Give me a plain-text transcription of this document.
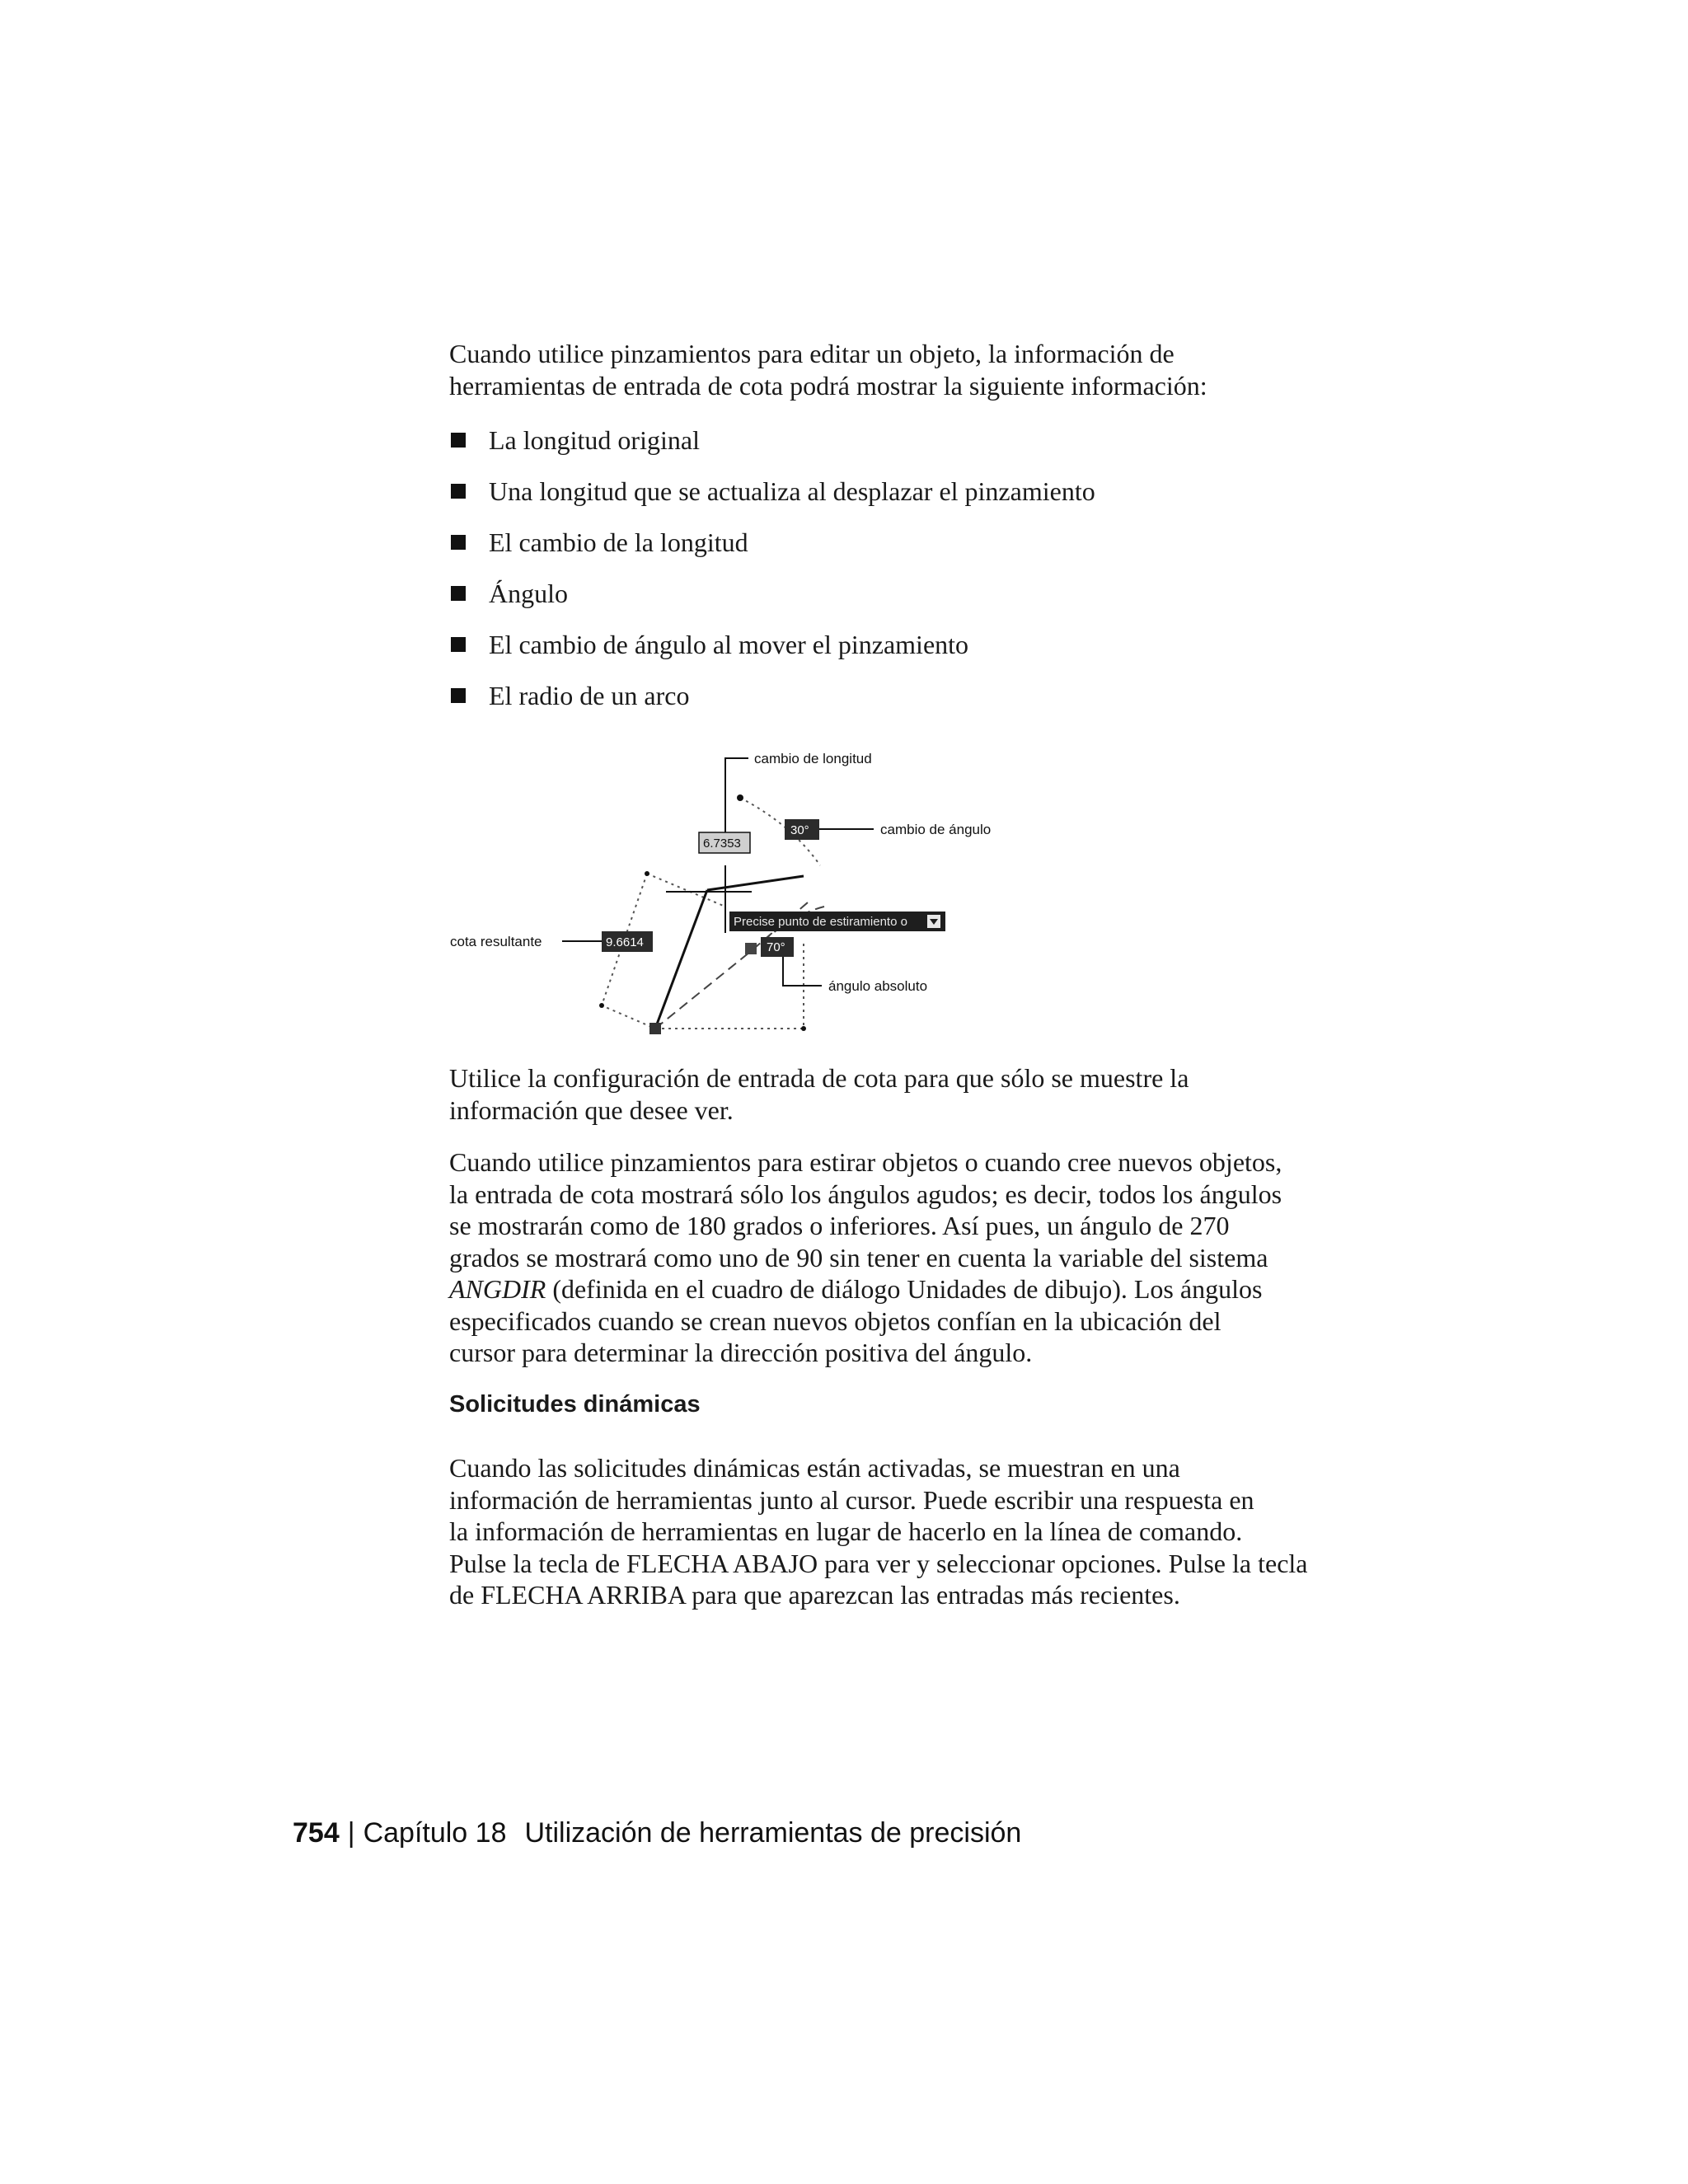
Cuando utilice pinzamientos para editar un objeto, la información de

herramientas de entrada de cota podrá mostrar la siguiente información:

La longitud original
Una longitud que se actualiza al desplazar el pinzamiento
El cambio de la longitud
Ángulo
El cambio de ángulo al mover el pinzamiento
El radio de un arco
cambio de longitud
6.7353
30°	cambio de ángulo
cota resultante	9.6614
Precise punto de estiramiento o
70°
ángulo absoluto

Utilice la configuración de entrada de cota para que sólo se muestre la

información que desee ver.

Cuando utilice pinzamientos para estirar objetos o cuando cree nuevos objetos,

la entrada de cota mostrará sólo los ángulos agudos; es decir, todos los ángulos

se mostrarán como de 180 grados o inferiores. Así pues, un ángulo de 270

grados se mostrará como uno de 90 sin tener en cuenta la variable del sistema

ANGDIR (definida en el cuadro de diálogo Unidades de dibujo). Los ángulos

especificados cuando se crean nuevos objetos confían en la ubicación del

cursor para determinar la dirección positiva del ángulo.

Solicitudes dinámicas

Cuando las solicitudes dinámicas están activadas, se muestran en una

información de herramientas junto al cursor. Puede escribir una respuesta en

la información de herramientas en lugar de hacerlo en la línea de comando.

Pulse la tecla de FLECHA ABAJO para ver y seleccionar opciones. Pulse la tecla

de FLECHA ARRIBA para que aparezcan las entradas más recientes.

754 | Capítulo 18 Utilización de herramientas de precisión
